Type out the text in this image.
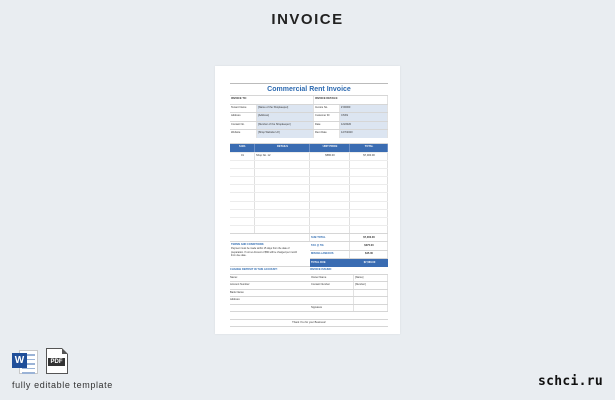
INVOICE
Commercial Rent Invoice
INVOICE TO:	INVOICE DETAILS:
Tenant Name	[Name of the Shopkeeper]	Invoice No.	# 00000
Address	[Address]	Customer ID	CSSS
Contact No.	[Number of the Shopkeeper]	Date	1/3/2020
Website	[Shop Website Url]	Rent Date	12/7/2020
S.NO.	DETAILS	UNIT PRICE	TOTAL
01	Shop No. 12	$580.00	$7,000.00
SUB TOTAL	$7,000.00
TERMS AND CONDITIONS:
Payment must be made within 15 days from the date of preparation. If not so Amount of $50 will be charged per month from due date.
TAX @ 5%	$375.00
MISCELLANEOUS	$45.00
TOTAL DUE	$7,560.00
CHANGE DEPOSIT IN THIS ACCOUNT:
Name:
Account Number:
Bank Name:
Address:
INVOICE ISSUED:
Owner Name	[Name]
Contact Number	[Number]
Signature
Thank You for your Business!
W	PDF
fully editable template	schci.ru
